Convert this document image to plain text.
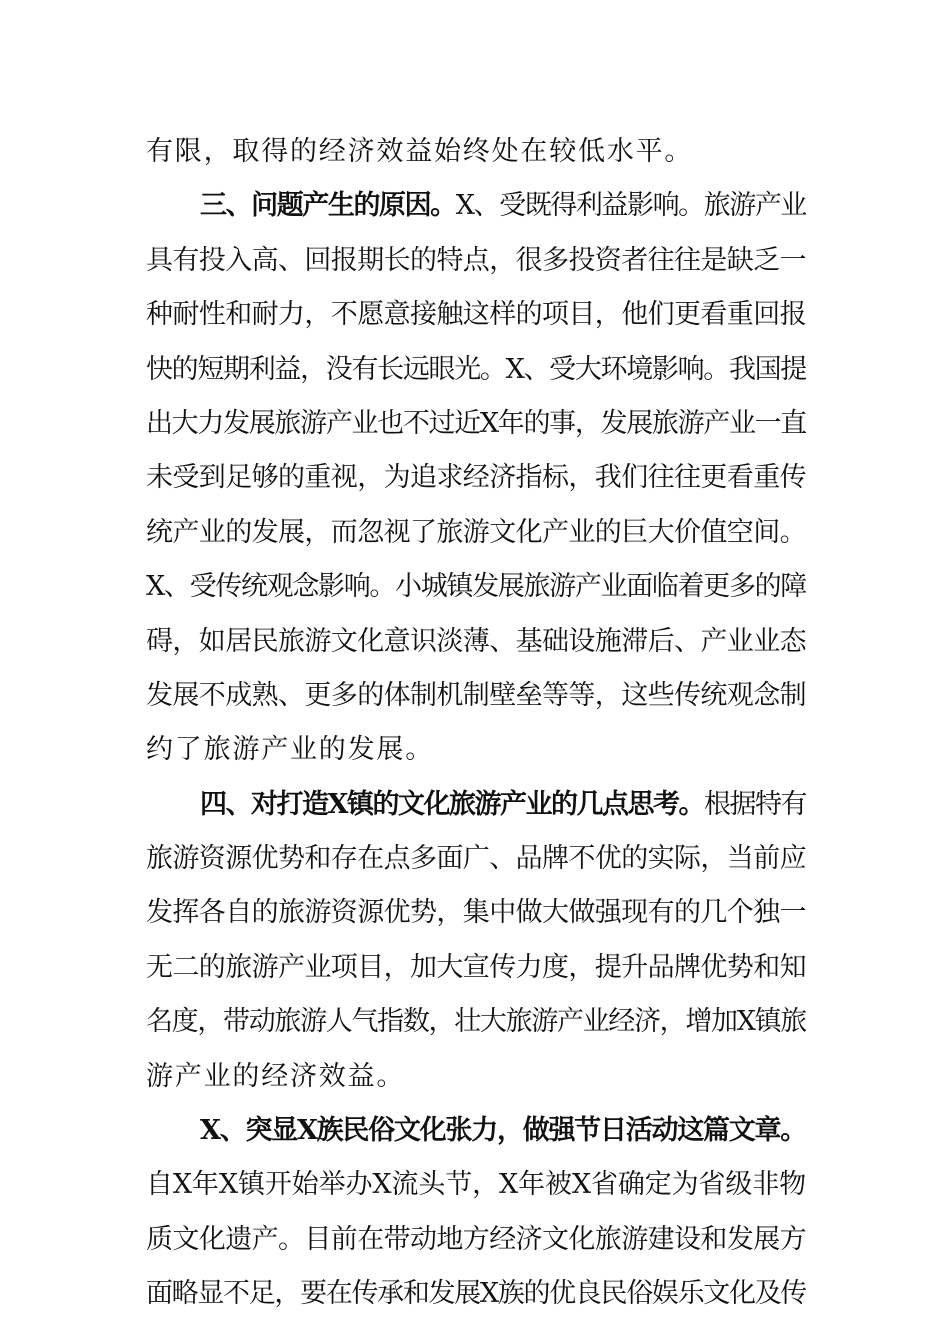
有限，取得的经济效益始终处在较低水平。
三、问题产生的原因。X、受既得利益影响。旅游产业
具有投入高、回报期长的特点，很多投资者往往是缺乏一
种耐性和耐力，不愿意接触这样的项目，他们更看重回报
快的短期利益，没有长远眼光。X、受大环境影响。我国提
出大力发展旅游产业也不过近X年的事，发展旅游产业一直
未受到足够的重视，为追求经济指标，我们往往更看重传
统产业的发展，而忽视了旅游文化产业的巨大价值空间。
X、受传统观念影响。小城镇发展旅游产业面临着更多的障
碍，如居民旅游文化意识淡薄、基础设施滞后、产业业态
发展不成熟、更多的体制机制壁垒等等，这些传统观念制
约了旅游产业的发展。
四、对打造X镇的文化旅游产业的几点思考。根据特有
旅游资源优势和存在点多面广、品牌不优的实际，当前应
发挥各自的旅游资源优势，集中做大做强现有的几个独一
无二的旅游产业项目，加大宣传力度，提升品牌优势和知
名度，带动旅游人气指数，壮大旅游产业经济，增加X镇旅
游产业的经济效益。
X、突显X族民俗文化张力，做强节日活动这篇文章。
自X年X镇开始举办X流头节，X年被X省确定为省级非物
质文化遗产。目前在带动地方经济文化旅游建设和发展方
面略显不足，要在传承和发展X族的优良民俗娱乐文化及传
